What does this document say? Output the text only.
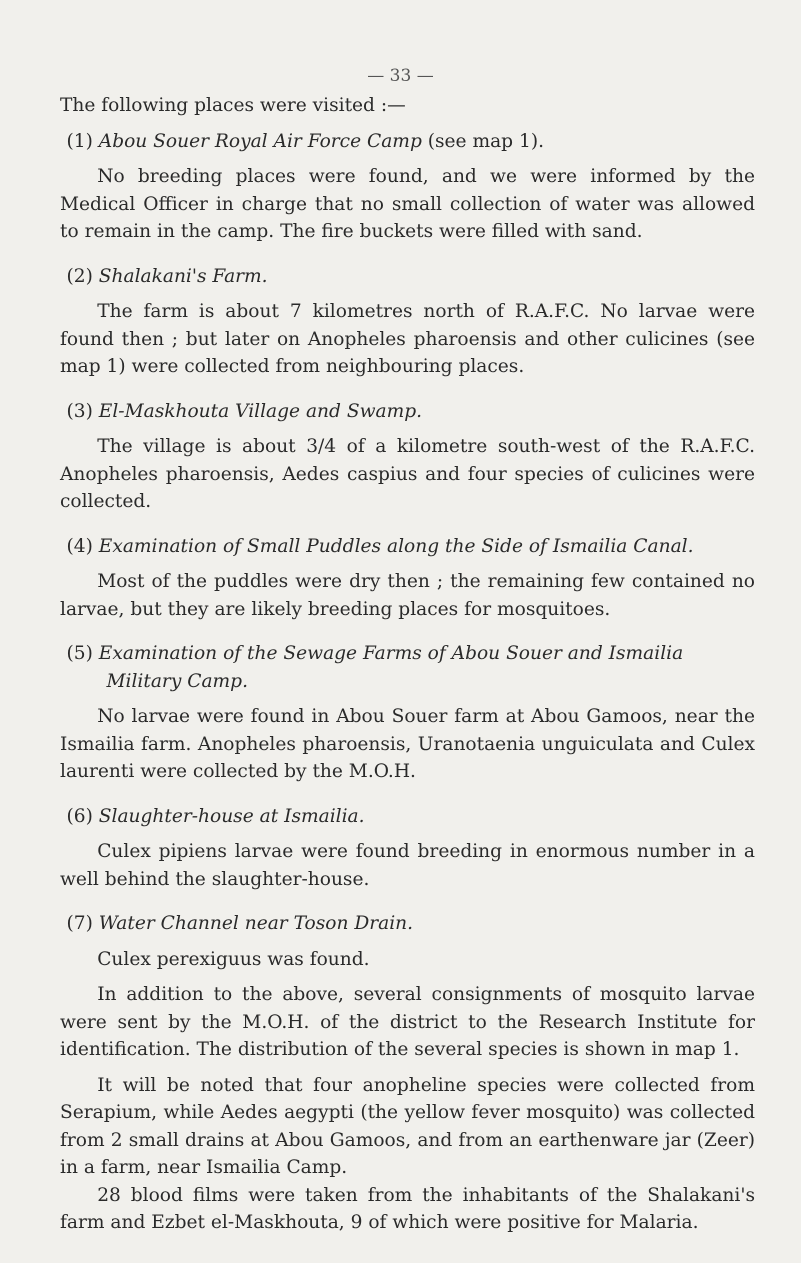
— 33 —

The following places were visited :—

(1) Abou Souer Royal Air Force Camp (see map 1).

No breeding places were found, and we were informed by the Medical Officer in charge that no small collection of water was allowed to remain in the camp. The fire buckets were filled with sand.

(2) Shalakani's Farm.

The farm is about 7 kilometres north of R.A.F.C. No larvae were found then ; but later on Anopheles pharoensis and other culicines (see map 1) were collected from neighbouring places.

(3) El-Maskhouta Village and Swamp.

The village is about 3/4 of a kilometre south-west of the R.A.F.C. Anopheles pharoensis, Aedes caspius and four species of culicines were collected.

(4) Examination of Small Puddles along the Side of Ismailia Canal.

Most of the puddles were dry then ; the remaining few contained no larvae, but they are likely breeding places for mosquitoes.

(5) Examination of the Sewage Farms of Abou Souer and Ismailia Military Camp.

No larvae were found in Abou Souer farm at Abou Gamoos, near the Ismailia farm. Anopheles pharoensis, Uranotaenia unguiculata and Culex laurenti were collected by the M.O.H.

(6) Slaughter-house at Ismailia.

Culex pipiens larvae were found breeding in enormous number in a well behind the slaughter-house.

(7) Water Channel near Toson Drain.

Culex perexiguus was found.

In addition to the above, several consignments of mosquito larvae were sent by the M.O.H. of the district to the Research Institute for identification. The distribution of the several species is shown in map 1.

It will be noted that four anopheline species were collected from Serapium, while Aedes aegypti (the yellow fever mosquito) was collected from 2 small drains at Abou Gamoos, and from an earthenware jar (Zeer) in a farm, near Ismailia Camp.

28 blood films were taken from the inhabitants of the Shalakani's farm and Ezbet el-Maskhouta, 9 of which were positive for Malaria.
